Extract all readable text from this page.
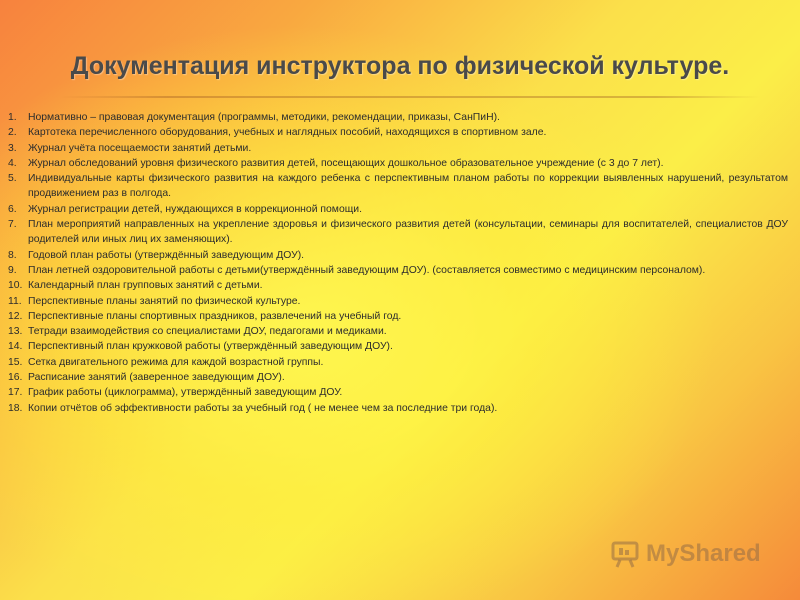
Документация инструктора по физической культуре.
1.	Нормативно – правовая документация (программы, методики, рекомендации, приказы, СанПиН).
2.	Картотека перечисленного оборудования, учебных и наглядных пособий, находящихся в спортивном зале.
3.	Журнал учёта посещаемости занятий детьми.
4.	Журнал обследований уровня физического развития детей, посещающих дошкольное образовательное учреждение (с 3 до 7 лет).
5.	Индивидуальные карты физического развития на каждого ребенка с перспективным планом работы по коррекции выявленных нарушений, результатом продвижением раз в полгода.
6.	Журнал регистрации детей, нуждающихся в коррекционной помощи.
7.	План мероприятий направленных на укрепление здоровья и физического развития детей (консультации, семинары для воспитателей, специалистов ДОУ родителей или иных лиц их заменяющих).
8.	Годовой план работы (утверждённый заведующим ДОУ).
9.	План летней оздоровительной работы с детьми(утверждённый заведующим ДОУ). (составляется совместимо с медицинским персоналом).
10. Календарный план групповых занятий с детьми.
11. Перспективные планы занятий по физической культуре.
12. Перспективные планы спортивных праздников, развлечений на учебный год.
13. Тетради взаимодействия со специалистами ДОУ, педагогами и медиками.
14. Перспективный план кружковой работы (утверждённый заведующим ДОУ).
15. Сетка двигательного режима для каждой возрастной группы.
16. Расписание занятий (заверенное заведующим ДОУ).
17. График работы (циклограмма), утверждённый заведующим ДОУ.
18. Копии отчётов об эффективности работы за учебный год ( не менее чем за последние три года).
MyShared
